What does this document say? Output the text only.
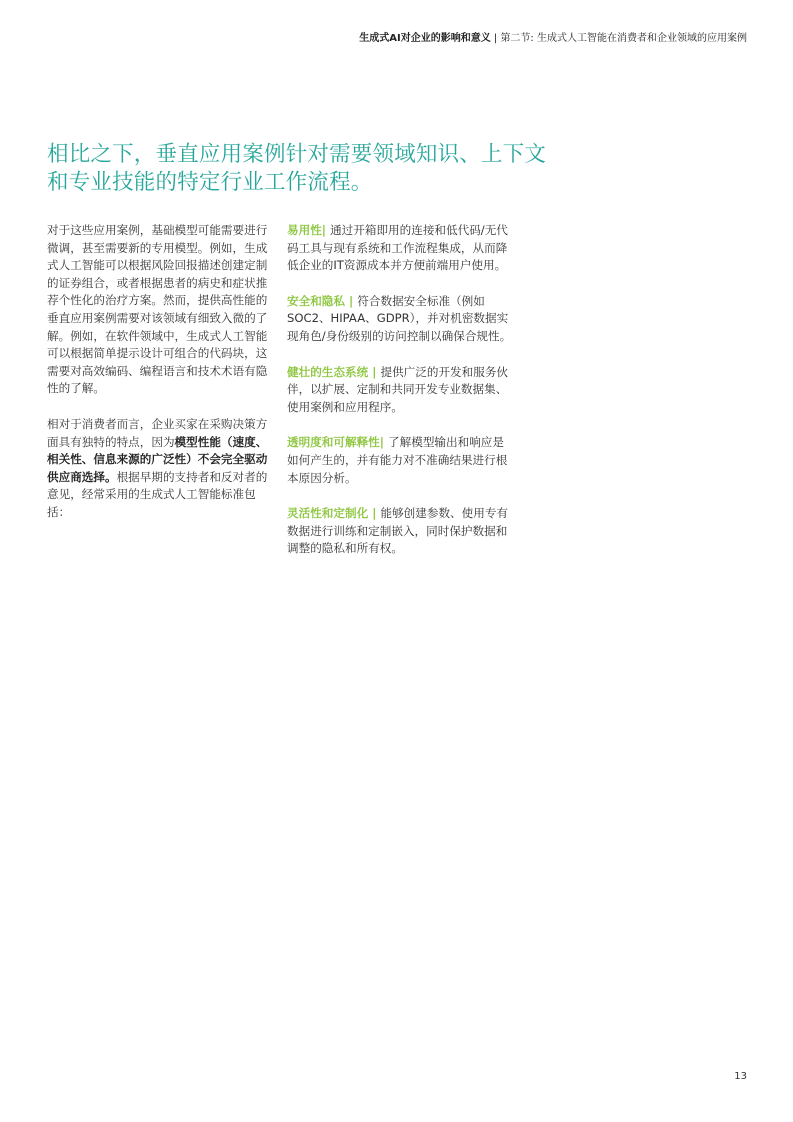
生成式AI对企业的影响和意义 | 第二节: 生成式人工智能在消费者和企业领域的应用案例
相比之下，垂直应用案例针对需要领域知识、上下文
和专业技能的特定行业工作流程。

对于这些应用案例，基础模型可能需要进行微调，甚至需要新的专用模型。例如，生成式人工智能可以根据风险回报描述创建定制的证券组合，或者根据患者的病史和症状推荐个性化的治疗方案。然而，提供高性能的垂直应用案例需要对该领域有细致入微的了解。例如，在软件领域中，生成式人工智能可以根据简单提示设计可组合的代码块，这需要对高效编码、编程语言和技术术语有隐性的了解。

相对于消费者而言，企业买家在采购决策方面具有独特的特点，因为模型性能（速度、相关性、信息来源的广泛性）不会完全驱动供应商选择。根据早期的支持者和反对者的意见，经常采用的生成式人工智能标准包括：

易用性| 通过开箱即用的连接和低代码/无代码工具与现有系统和工作流程集成，从而降低企业的IT资源成本并方便前端用户使用。
安全和隐私 | 符合数据安全标准（例如SOC2、HIPAA、GDPR），并对机密数据实现角色/身份级别的访问控制以确保合规性。
健壮的生态系统 | 提供广泛的开发和服务伙伴，以扩展、定制和共同开发专业数据集、使用案例和应用程序。
透明度和可解释性| 了解模型输出和响应是如何产生的，并有能力对不准确结果进行根本原因分析。
灵活性和定制化 | 能够创建参数、使用专有数据进行训练和定制嵌入，同时保护数据和调整的隐私和所有权。
13
